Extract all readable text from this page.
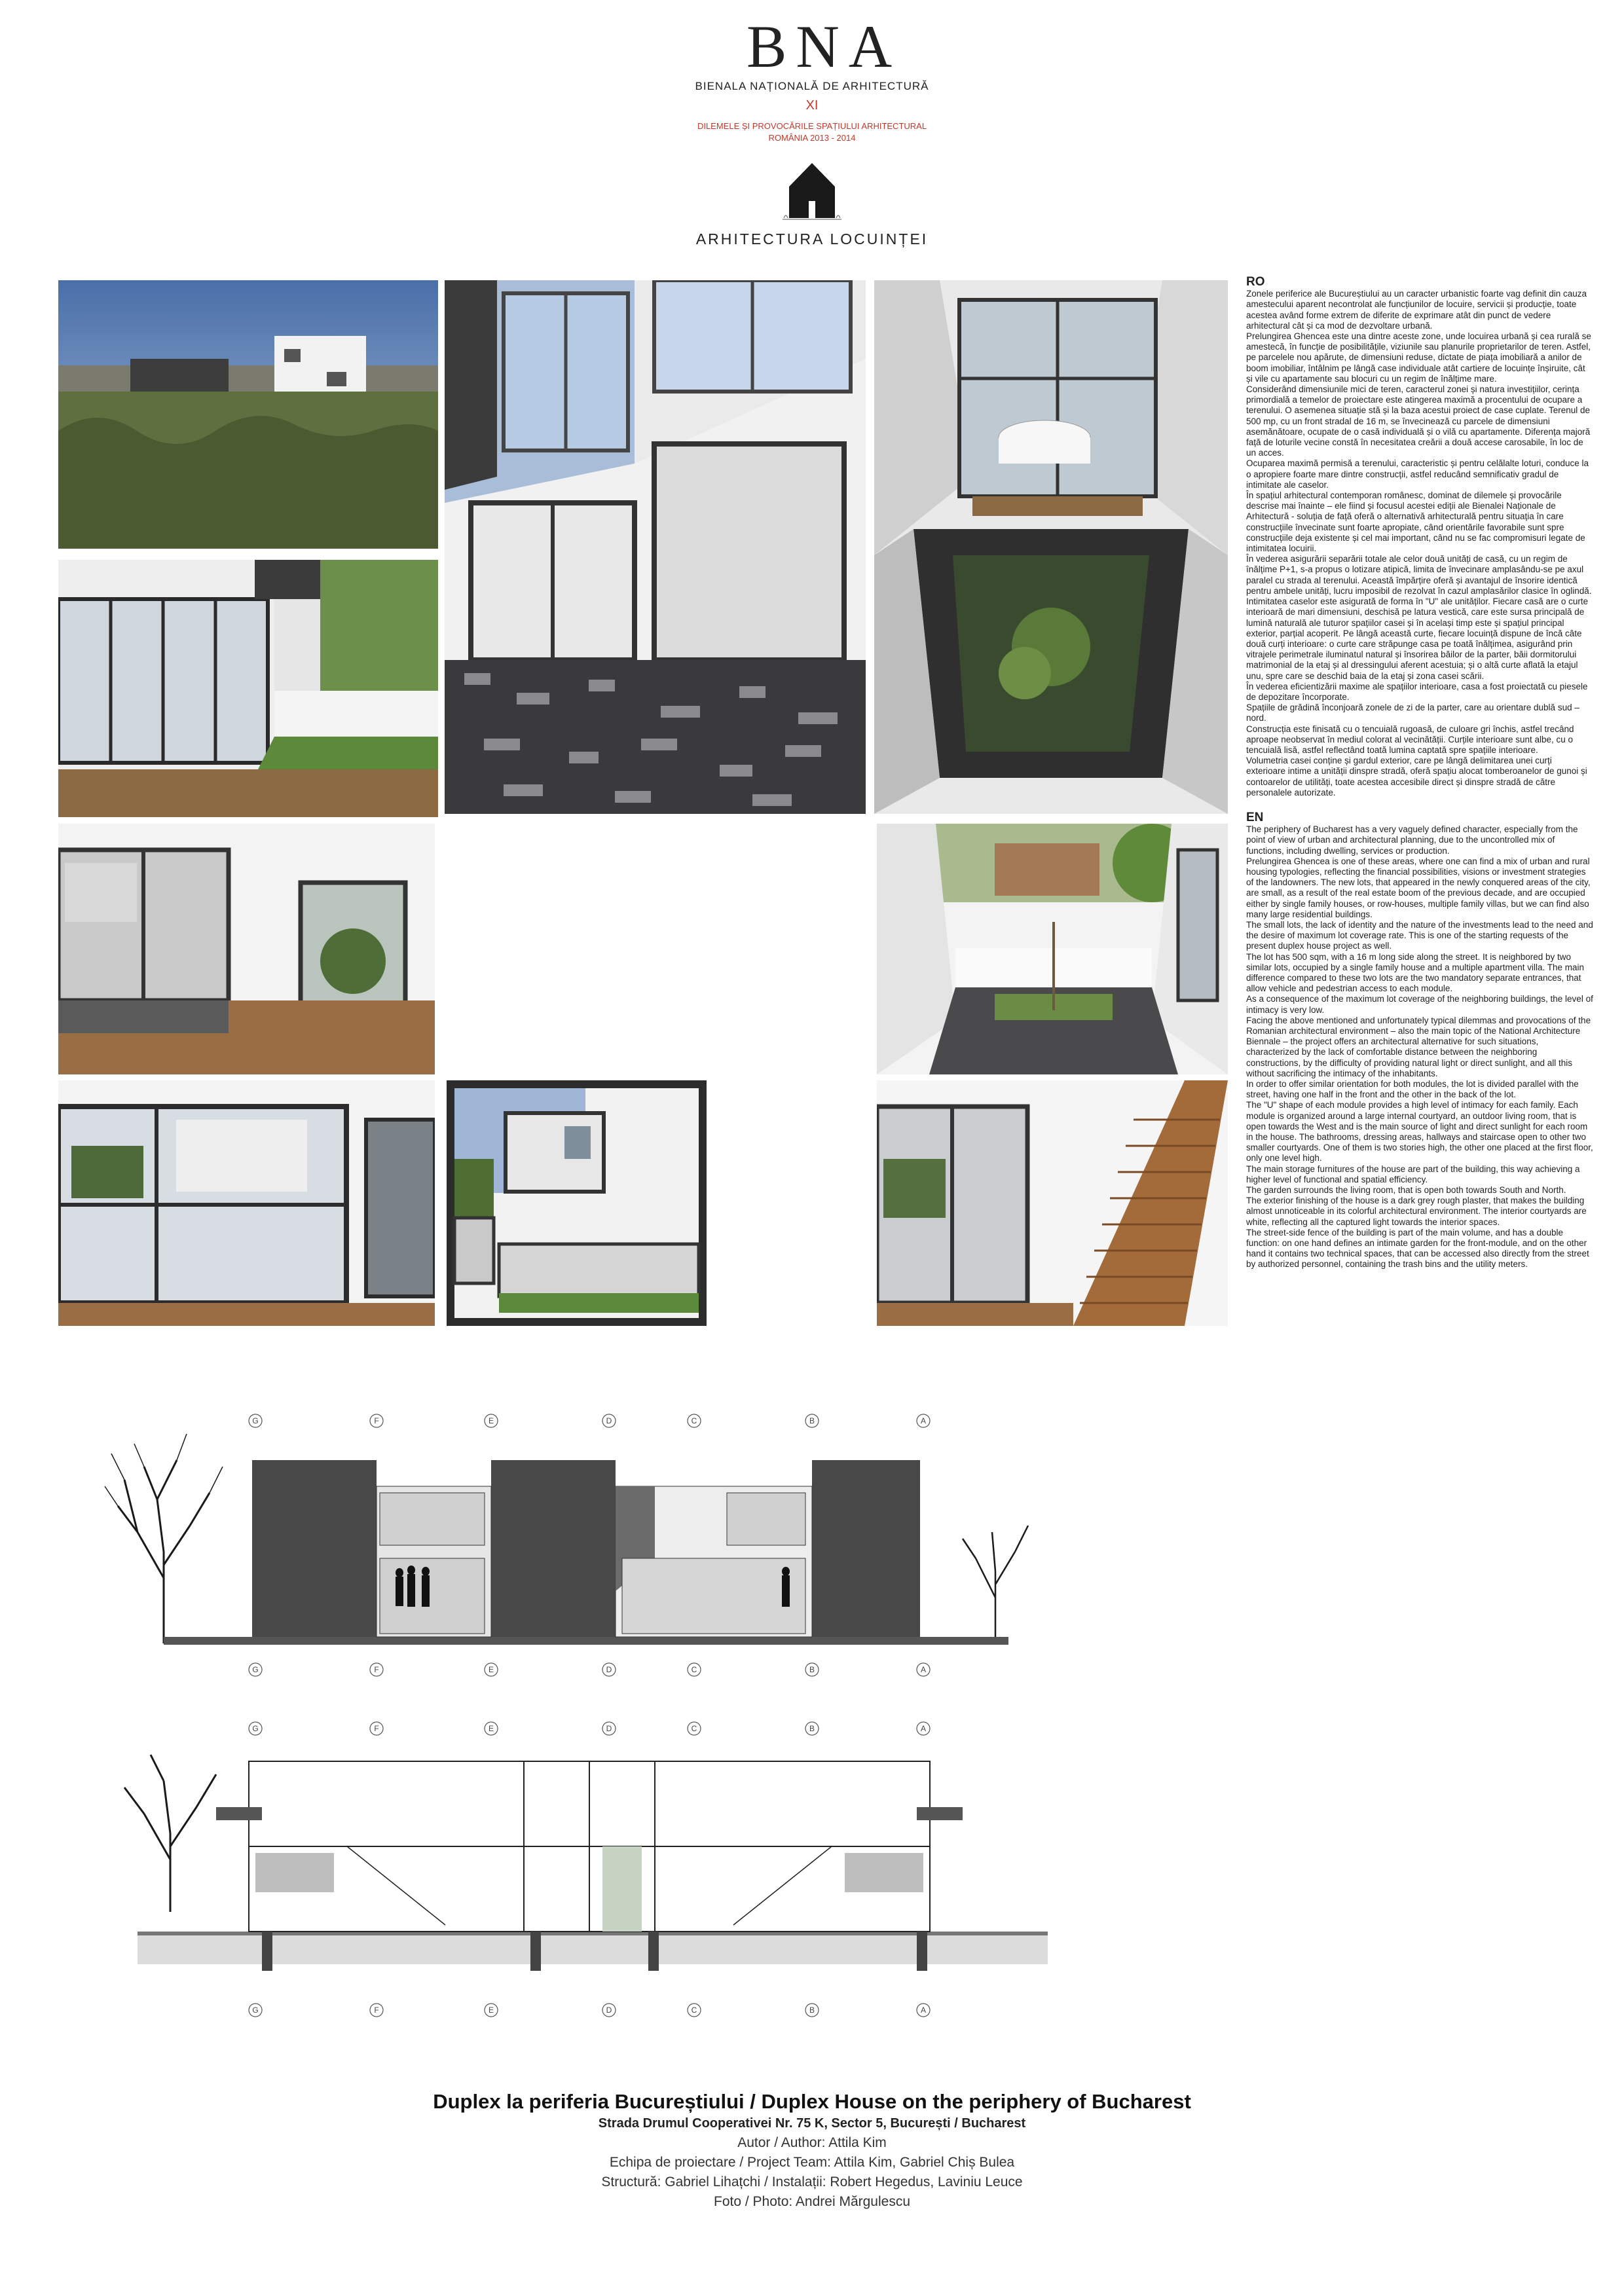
BNA
BIENALA NAȚIONALĂ DE ARHITECTURĂ
XI
DILEMELE ȘI PROVOCĂRILE SPAȚIULUI ARHITECTURAL
ROMÂNIA 2013 - 2014
ARHITECTURA LOCUINȚEI
RO

Zonele periferice ale Bucureștiului au un caracter urbanistic foarte vag definit din cauza amestecului aparent necontrolat ale funcțiunilor de locuire, servicii și producție, toate acestea având forme extrem de diferite de exprimare atât din punct de vedere arhitectural cât și ca mod de dezvoltare urbană.

Prelungirea Ghencea este una dintre aceste zone, unde locuirea urbană și cea rurală se amestecă, în funcție de posibilitățile, viziunile sau planurile proprietarilor de teren. Astfel, pe parcelele nou apărute, de dimensiuni reduse, dictate de piața imobiliară a anilor de boom imobiliar, întâlnim pe lângă case individuale atât cartiere de locuințe înșiruite, cât și vile cu apartamente sau blocuri cu un regim de înălțime mare.

Considerând dimensiunile mici de teren, caracterul zonei și natura investițiilor, cerința primordială a temelor de proiectare este atingerea maximă a procentului de ocupare a terenului. O asemenea situație stă și la baza acestui proiect de case cuplate. Terenul de 500 mp, cu un front stradal de 16 m, se învecinează cu parcele de dimensiuni asemănătoare, ocupate de o casă individuală și o vilă cu apartamente. Diferența majoră față de loturile vecine constă în necesitatea creării a două accese carosabile, în loc de un acces.

Ocuparea maximă permisă a terenului, caracteristic și pentru celălalte loturi, conduce la o apropiere foarte mare dintre construcții, astfel reducând semnificativ gradul de intimitate ale caselor.

În spațiul arhitectural contemporan românesc, dominat de dilemele și provocările descrise mai înainte – ele fiind și focusul acestei ediții ale Bienalei Naționale de Arhitectură - soluția de față oferă o alternativă arhitecturală pentru situația în care construcțiile învecinate sunt foarte apropiate, când orientările favorabile sunt spre construcțiile deja existente și cel mai important, când nu se fac compromisuri legate de intimitatea locuirii.

În vederea asigurării separării totale ale celor două unități de casă, cu un regim de înălțime P+1, s-a propus o lotizare atipică, limita de învecinare amplasându-se pe axul paralel cu strada al terenului. Această împărțire oferă și avantajul de însorire identică pentru ambele unități, lucru imposibil de rezolvat în cazul amplasărilor clasice în oglindă.

Intimitatea caselor este asigurată de forma în "U" ale unităților. Fiecare casă are o curte interioară de mari dimensiuni, deschisă pe latura vestică, care este sursa principală de lumină naturală ale tuturor spațiilor casei și în același timp este și spațiul principal exterior, parțial acoperit. Pe lângă această curte, fiecare locuință dispune de încă câte două curți interioare: o curte care străpunge casa pe toată înălțimea, asigurând prin vitrajele perimetrale iluminatul natural și însorirea băilor de la parter, băii dormitorului matrimonial de la etaj și al dressingului aferent acestuia; și o altă curte aflată la etajul unu, spre care se deschid baia de la etaj și zona casei scării.

În vederea eficientizării maxime ale spațiilor interioare, casa a fost proiectată cu piesele de depozitare încorporate.

Spațiile de grădină înconjoară zonele de zi de la parter, care au orientare dublă sud – nord.

Construcția este finisată cu o tencuială rugoasă, de culoare gri închis, astfel trecând aproape neobservat în mediul colorat al vecinătății. Curțile interioare sunt albe, cu o tencuială lisă, astfel reflectând toată lumina captată spre spațiile interioare.

Volumetria casei conține și gardul exterior, care pe lângă delimitarea unei curți exterioare intime a unității dinspre stradă, oferă spațiu alocat tomberoanelor de gunoi și contoarelor de utilități, toate acestea accesibile direct și dinspre stradă de către personalele autorizate.

EN

The periphery of Bucharest has a very vaguely defined character, especially from the point of view of urban and architectural planning, due to the uncontrolled mix of functions, including dwelling, services or production.

Prelungirea Ghencea is one of these areas, where one can find a mix of urban and rural housing typologies, reflecting the financial possibilities, visions or investment strategies of the landowners. The new lots, that appeared in the newly conquered areas of the city, are small, as a result of the real estate boom of the previous decade, and are occupied either by single family houses, or row-houses, multiple family villas, but we can find also many large residential buildings.

The small lots, the lack of identity and the nature of the investments lead to the need and the desire of maximum lot coverage rate. This is one of the starting requests of the present duplex house project as well.

The lot has 500 sqm, with a 16 m long side along the street. It is neighbored by two similar lots, occupied by a single family house and a multiple apartment villa. The main difference compared to these two lots are the two mandatory separate entrances, that allow vehicle and pedestrian access to each module.

As a consequence of the maximum lot coverage of the neighboring buildings, the level of intimacy is very low.

Facing the above mentioned and unfortunately typical dilemmas and provocations of the Romanian architectural environment – also the main topic of the National Architecture Biennale – the project offers an architectural alternative for such situations, characterized by the lack of comfortable distance between the neighboring constructions, by the difficulty of providing natural light or direct sunlight, and all this without sacrificing the intimacy of the inhabitants.

In order to offer similar orientation for both modules, the lot is divided parallel with the street, having one half in the front and the other in the back of the lot.

The "U" shape of each module provides a high level of intimacy for each family. Each module is organized around a large internal courtyard, an outdoor living room, that is open towards the West and is the main source of light and direct sunlight for each room in the house. The bathrooms, dressing areas, hallways and staircase open to other two smaller courtyards. One of them is two stories high, the other one placed at the first floor, only one level high.

The main storage furnitures of the house are part of the building, this way achieving a higher level of functional and spatial efficiency.

The garden surrounds the living room, that is open both towards South and North.

The exterior finishing of the house is a dark grey rough plaster, that makes the building almost unnoticeable in its colorful architectural environment. The interior courtyards are white, reflecting all the captured light towards the interior spaces.

The street-side fence of the building is part of the main volume, and has a double function: on one hand defines an intimate garden for the front-module, and on the other hand it contains two technical spaces, that can be accessed also directly from the street by authorized personnel, containing the trash bins and the utility meters.

G	F	E	D	C	B	A
G	F	E	D	C	B	A
G	F	E	D	C	B	A
G	F	E	D	C	B	A
Duplex la periferia Bucureștiului / Duplex House on the periphery of Bucharest
Strada Drumul Cooperativei Nr. 75 K, Sector 5, București / Bucharest
Autor / Author: Attila Kim
Echipa de proiectare / Project Team: Attila Kim, Gabriel Chiș Bulea
Structură: Gabriel Lihațchi / Instalații: Robert Hegedus, Laviniu Leuce
Foto / Photo: Andrei Mărgulescu
